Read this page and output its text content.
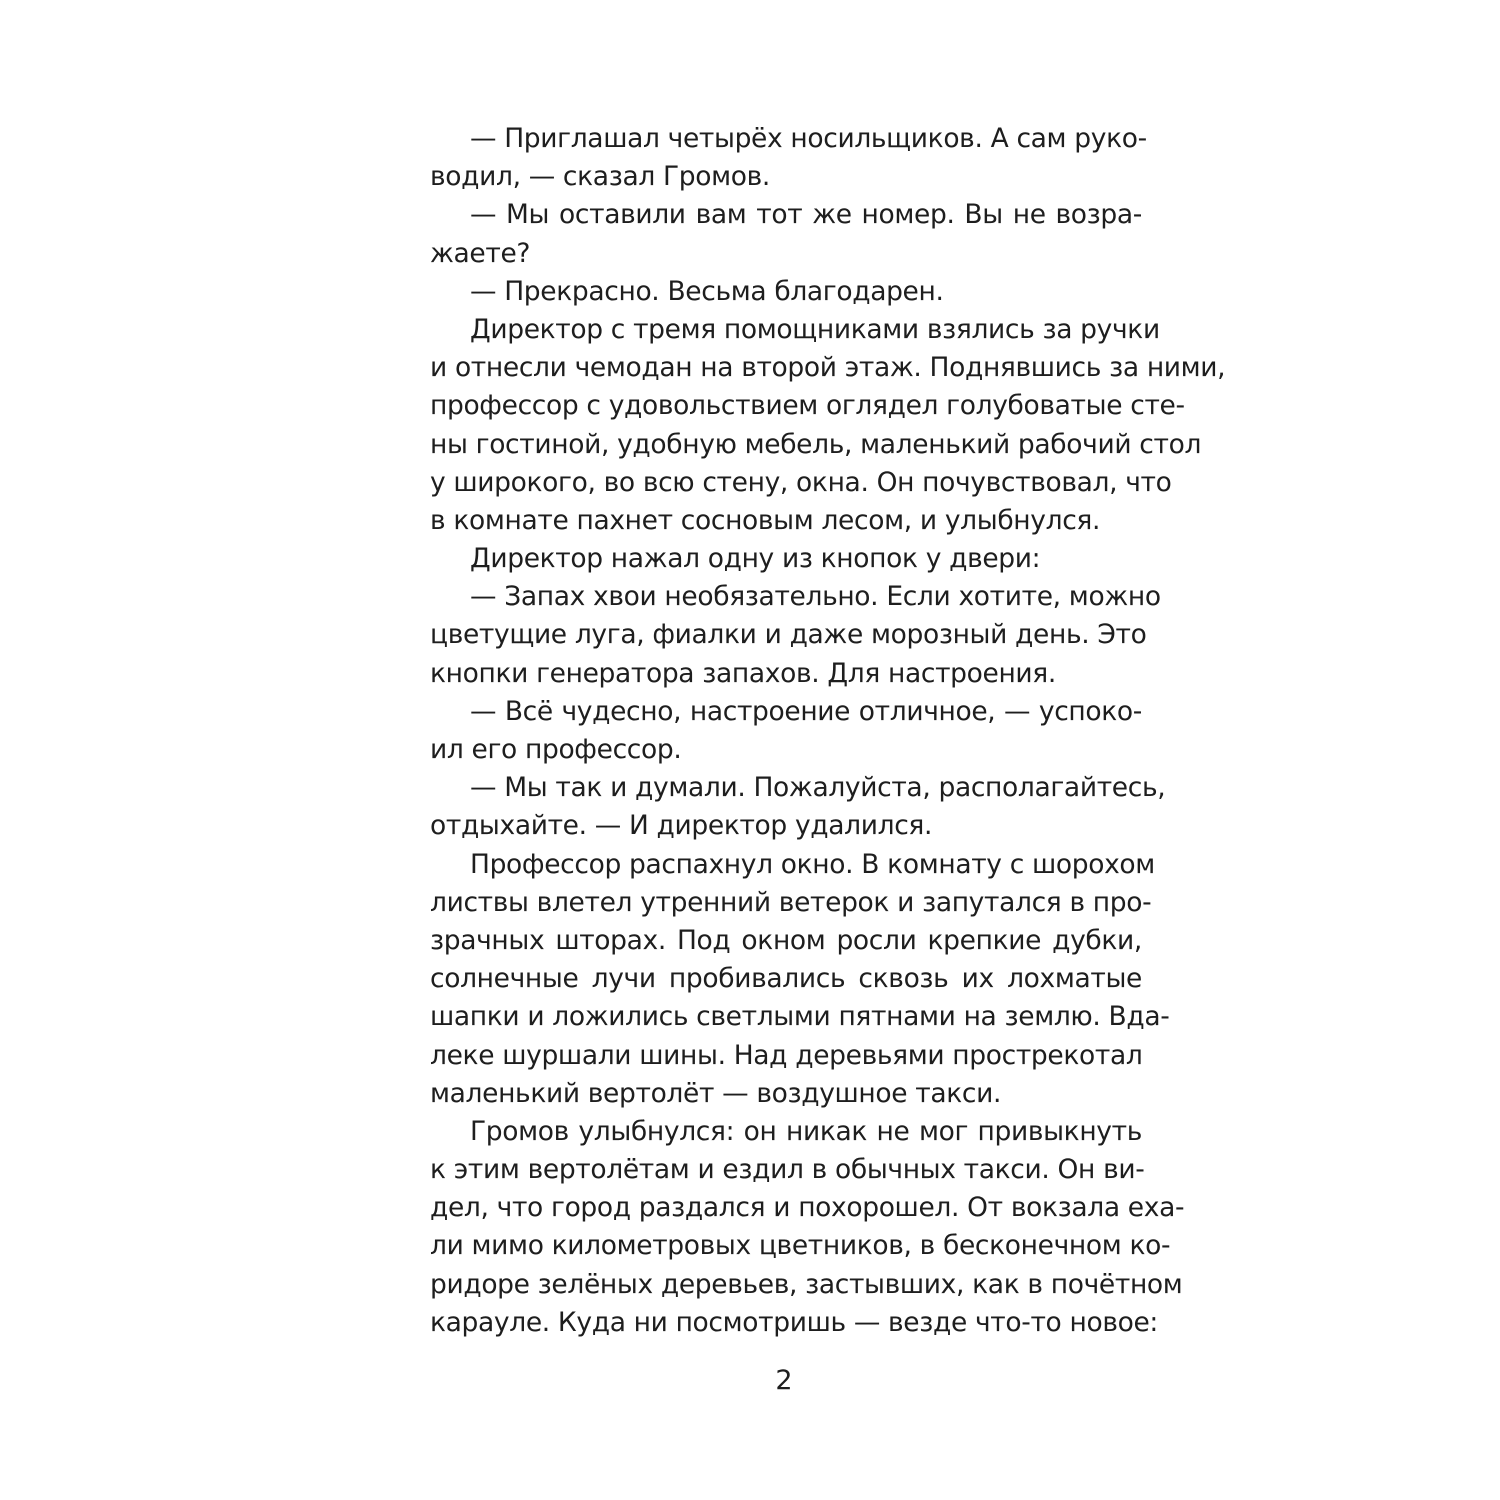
— Приглашал четырёх носильщиков. А сам руко-
водил, — сказал Громов.
— Мы оставили вам тот же номер. Вы не возра-
жаете?
— Прекрасно. Весьма благодарен.
Директор с тремя помощниками взялись за ручки
и отнесли чемодан на второй этаж. Поднявшись за ними,
профессор с удовольствием оглядел голубоватые сте-
ны гостиной, удобную мебель, маленький рабочий стол
у широкого, во всю стену, окна. Он почувствовал, что
в комнате пахнет сосновым лесом, и улыбнулся.
Директор нажал одну из кнопок у двери:
— Запах хвои необязательно. Если хотите, можно
цветущие луга, фиалки и даже морозный день. Это
кнопки генератора запахов. Для настроения.
— Всё чудесно, настроение отличное, — успоко-
ил его профессор.
— Мы так и думали. Пожалуйста, располагайтесь,
отдыхайте. — И директор удалился.
Профессор распахнул окно. В комнату с шорохом
листвы влетел утренний ветерок и запутался в про-
зрачных шторах. Под окном росли крепкие дубки,
солнечные лучи пробивались сквозь их лохматые
шапки и ложились светлыми пятнами на землю. Вда-
леке шуршали шины. Над деревьями прострекотал
маленький вертолёт — воздушное такси.
Громов улыбнулся: он никак не мог привыкнуть
к этим вертолётам и ездил в обычных такси. Он ви-
дел, что город раздался и похорошел. От вокзала еха-
ли мимо километровых цветников, в бесконечном ко-
ридоре зелёных деревьев, застывших, как в почётном
карауле. Куда ни посмотришь — везде что-то новое:
2
